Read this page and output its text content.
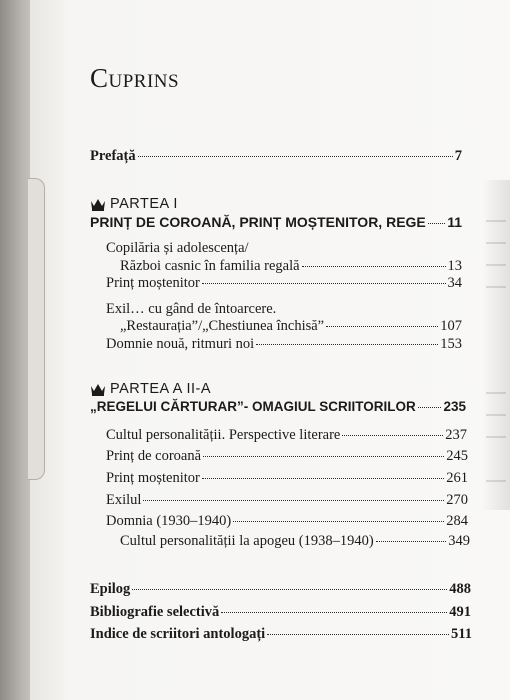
Cuprins
Prefață	7
PARTEA I
PRINȚ DE COROANĂ, PRINȚ MOȘTENITOR, REGE 11
Copilăria și adolescența/
Război casnic în familia regală	13
Prinț moștenitor	34
Exil… cu gând de întoarcere.
„Restaurația”/„Chestiunea închisă”	107
Domnie nouă, ritmuri noi	153
PARTEA A II-A
„REGELUI CĂRTURAR”- OMAGIUL SCRIITORILOR 235
Cultul personalității. Perspective literare	237
Prinț de coroană	245
Prinț moștenitor	261
Exilul	270
Domnia (1930–1940)	284
Cultul personalității la apogeu (1938–1940)	349
Epilog	488
Bibliografie selectivă	491
Indice de scriitori antologați	511
